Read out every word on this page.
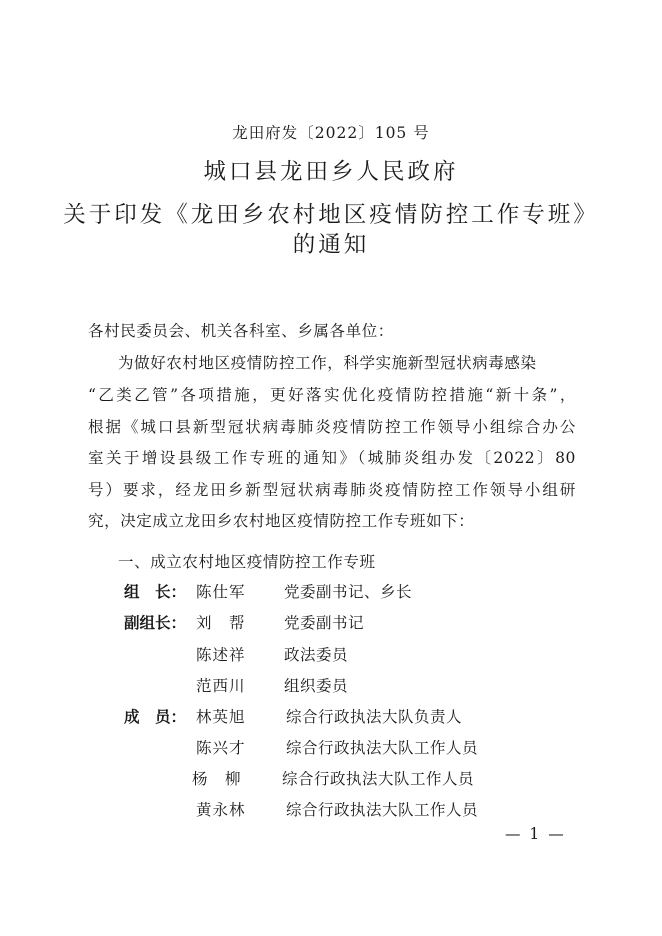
龙田府发〔2022〕105 号
城口县龙田乡人民政府
关于印发《龙田乡农村地区疫情防控工作专班》
的通知
各村民委员会、机关各科室、乡属各单位：
为做好农村地区疫情防控工作，科学实施新型冠状病毒感染
“乙类乙管”各项措施，更好落实优化疫情防控措施“新十条”，
根据《城口县新型冠状病毒肺炎疫情防控工作领导小组综合办公
室关于增设县级工作专班的通知》（城肺炎组办发〔2022〕80
号）要求，经龙田乡新型冠状病毒肺炎疫情防控工作领导小组研
究，决定成立龙田乡农村地区疫情防控工作专班如下：
一、成立农村地区疫情防控工作专班
组　长： 陈仕军 党委副书记、乡长
副组长： 刘　帮 党委副书记
陈述祥 政法委员
范西川 组织委员
成　员： 林英旭	综合行政执法大队负责人
陈兴才	综合行政执法大队工作人员
杨　柳	综合行政执法大队工作人员
黄永林	综合行政执法大队工作人员
— 1 —
